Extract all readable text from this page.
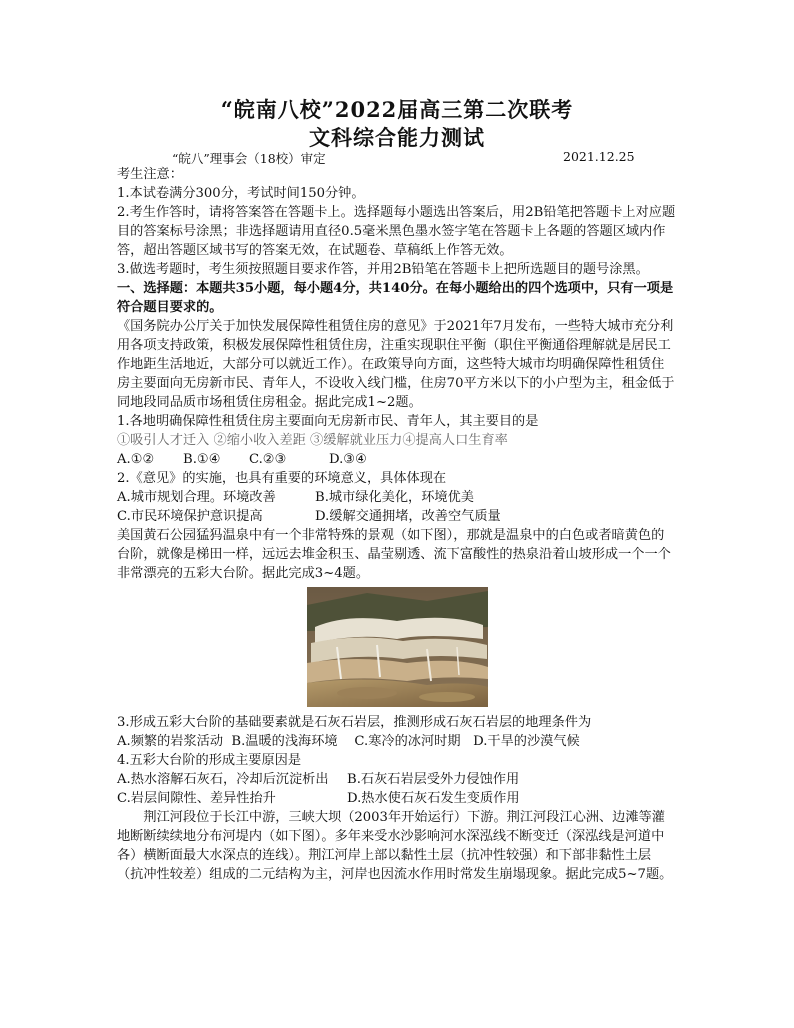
“皖南八校”2022届高三第二次联考
文科综合能力测试
“皖八”理事会（18校）审定	2021.12.25

考生注意：

1.本试卷满分300分，考试时间150分钟。

2.考生作答时，请将答案答在答题卡上。选择题每小题选出答案后，用2B铅笔把答题卡上对应题目的答案标号涂黑；非选择题请用直径0.5毫米黑色墨水签字笔在答题卡上各题的答题区域内作答，超出答题区域书写的答案无效，在试题卷、草稿纸上作答无效。

3.做选考题时，考生须按照题目要求作答，并用2B铅笔在答题卡上把所选题目的题号涂黑。

一、选择题：本题共35小题，每小题4分，共140分。在每小题给出的四个选项中，只有一项是符合题目要求的。

《国务院办公厅关于加快发展保障性租赁住房的意见》于2021年7月发布，一些特大城市充分利用各项支持政策，积极发展保障性租赁住房，注重实现职住平衡（职住平衡通俗理解就是居民工作地距生活地近，大部分可以就近工作）。在政策导向方面，这些特大城市均明确保障性租赁住房主要面向无房新市民、青年人，不设收入线门槛，住房70平方米以下的小户型为主，租金低于同地段同品质市场租赁住房租金。据此完成1~2题。

1.各地明确保障性租赁住房主要面向无房新市民、青年人，其主要目的是

①吸引人才迁入 ②缩小收入差距 ③缓解就业压力④提高人口生育率

A.①②	B.①④	C.②③	D.③④

2.《意见》的实施，也具有重要的环境意义，具体体现在

A.城市规划合理。环境改善	B.城市绿化美化，环境优美
C.市民环境保护意识提高	D.缓解交通拥堵，改善空气质量

美国黄石公园猛犸温泉中有一个非常特殊的景观（如下图），那就是温泉中的白色或者暗黄色的台阶，就像是梯田一样，远远去堆金积玉、晶莹剔透、流下富酸性的热泉沿着山坡形成一个一个非常漂亮的五彩大台阶。据此完成3~4题。

3.形成五彩大台阶的基础要素就是石灰石岩层，推测形成石灰石岩层的地理条件为

A.频繁的岩浆活动 B.温暖的浅海环境 C.寒冷的冰河时期 D.干旱的沙漠气候

4.五彩大台阶的形成主要原因是

A.热水溶解石灰石，冷却后沉淀析出 B.石灰石岩层受外力侵蚀作用
C.岩层间隙性、差异性抬升	D.热水使石灰石发生变质作用

荆江河段位于长江中游，三峡大坝（2003年开始运行）下游。荆江河段江心洲、边滩等灌地断断续续地分布河堤内（如下图）。多年来受水沙影响河水深泓线不断变迁（深泓线是河道中各）横断面最大水深点的连线）。荆江河岸上部以黏性土层（抗冲性较强）和下部非黏性土层（抗冲性较差）组成的二元结构为主，河岸也因流水作用时常发生崩塌现象。据此完成5~7题。
